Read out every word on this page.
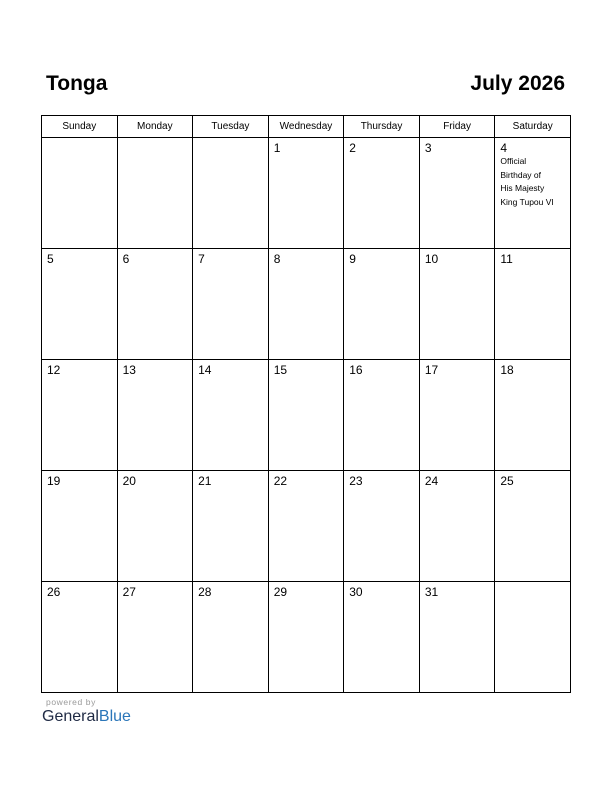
Tonga	July 2026
Sunday	Monday	Tuesday	Wednesday	Thursday	Friday	Saturday

			1	2	3	4
Official
Birthday of
His Majesty
King Tupou VI

5	6	7	8	9	10	11

12	13	14	15	16	17	18

19	20	21	22	23	24	25

26	27	28	29	30	31	

powered by
GeneralBlue
